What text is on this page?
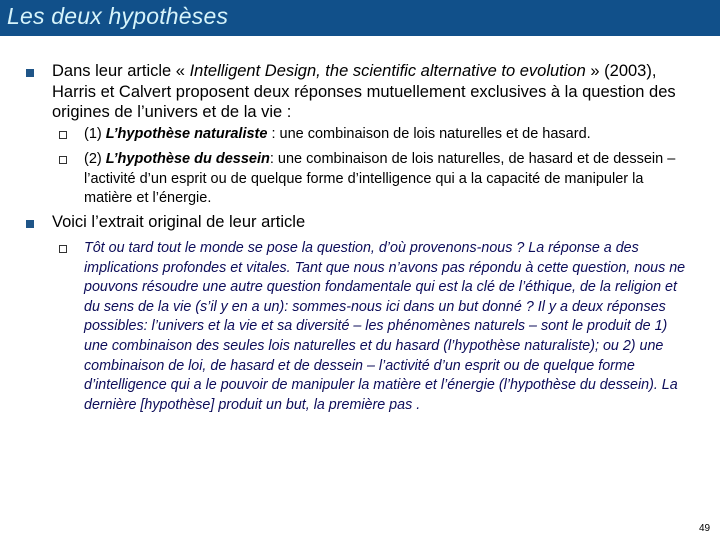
Les deux hypothèses
Dans leur article « Intelligent Design, the scientific alternative to evolution » (2003), Harris et Calvert proposent deux réponses mutuellement exclusives à la question des origines de l’univers et de la vie :
(1) L’hypothèse naturaliste : une combinaison de lois naturelles et de hasard.
(2) L’hypothèse du dessein: une combinaison de lois naturelles, de hasard et de dessein – l’activité d’un esprit ou de quelque forme d’intelligence qui a la capacité de manipuler la matière et l’énergie.
Voici l’extrait original de leur article
Tôt ou tard tout le monde se pose la question, d’où provenons-nous ? La réponse a des implications profondes et vitales. Tant que nous n’avons pas répondu à cette question, nous ne pouvons résoudre une autre question fondamentale qui est la clé de l’éthique, de la religion et du sens de la vie (s’il y en a un): sommes-nous ici dans un but donné ? Il y a deux réponses possibles: l’univers et la vie et sa diversité – les phénomènes naturels – sont le produit de 1) une combinaison des seules lois naturelles et du hasard (l’hypothèse naturaliste); ou 2) une combinaison de loi, de hasard et de dessein – l’activité d’un esprit ou de quelque forme d’intelligence qui a le pouvoir de manipuler la matière et l’énergie (l’hypothèse du dessein). La dernière [hypothèse] produit un but, la première pas .
49
